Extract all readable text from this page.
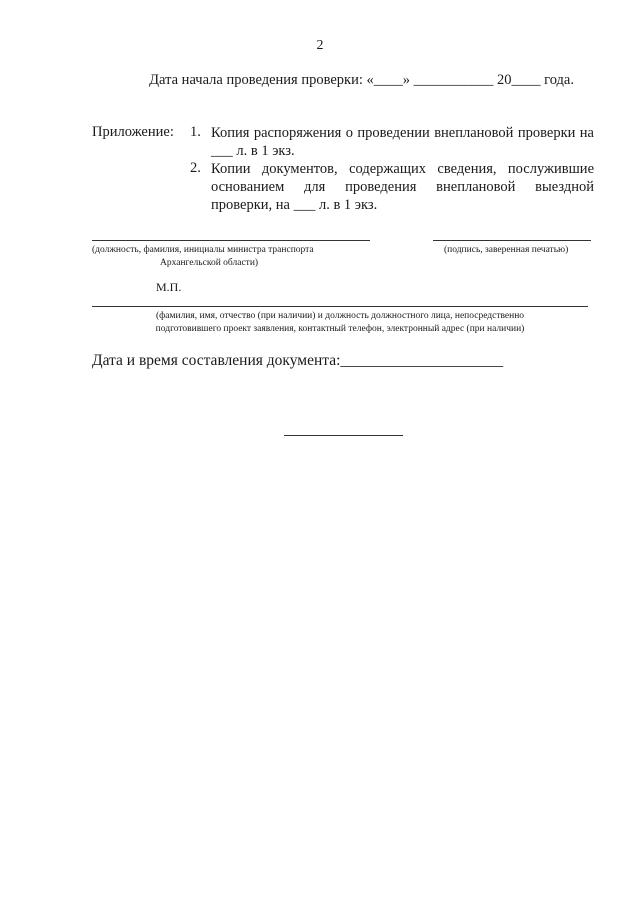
2
Дата начала проведения проверки: «____» ___________ 20____ года.
Приложение: 1. Копия распоряжения о проведении внеплановой проверки на ___ л. в 1 экз.
2. Копии документов, содержащих сведения, послужившие основанием для проведения внеплановой выездной проверки, на ___ л. в 1 экз.
(должность, фамилия, инициалы министра транспорта
Архангельской области)
(подпись, заверенная печатью)
М.П.
(фамилия, имя, отчество (при наличии) и должность должностного лица, непосредственно
подготовившего проект заявления, контактный телефон, электронный адрес (при наличии)
Дата и время составления документа:_____________________
